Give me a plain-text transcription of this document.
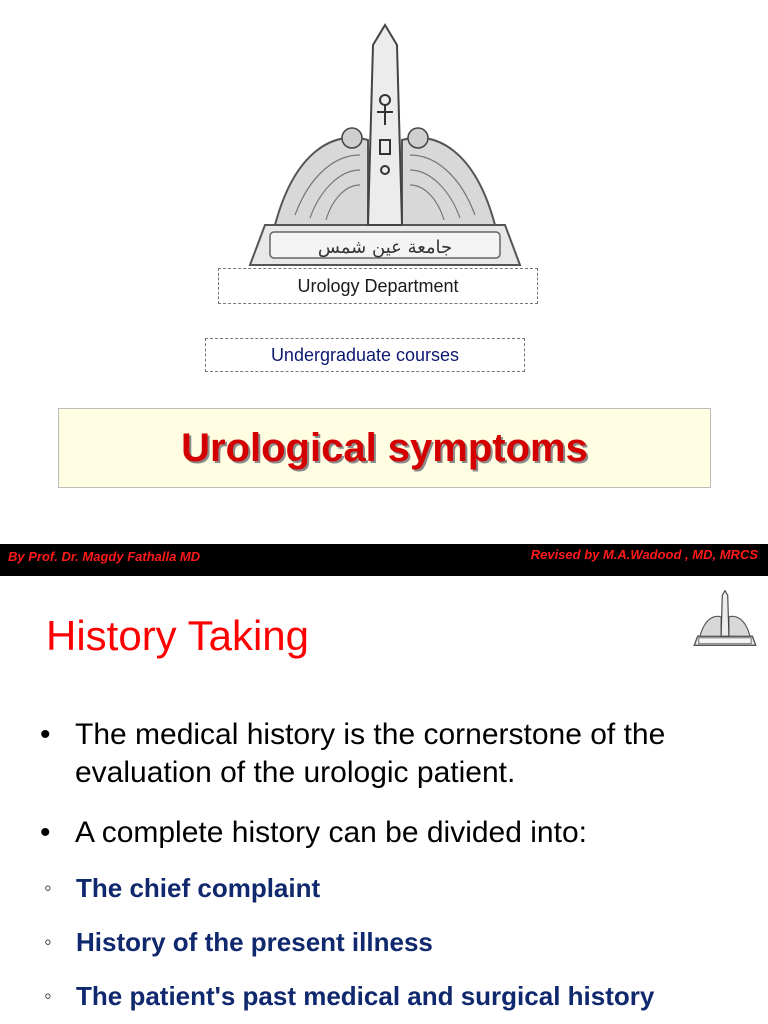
جامعة عين شمس
Urology Department
Undergraduate courses
Urological symptoms
By Prof. Dr. Magdy Fathalla MD	Revised by M.A.Wadood , MD, MRCS
History Taking
• The medical history is the cornerstone of the evaluation of the urologic patient.
• A complete history can be divided into:
◦ The chief complaint
◦ History of the present illness
◦ The patient's past medical and surgical history
